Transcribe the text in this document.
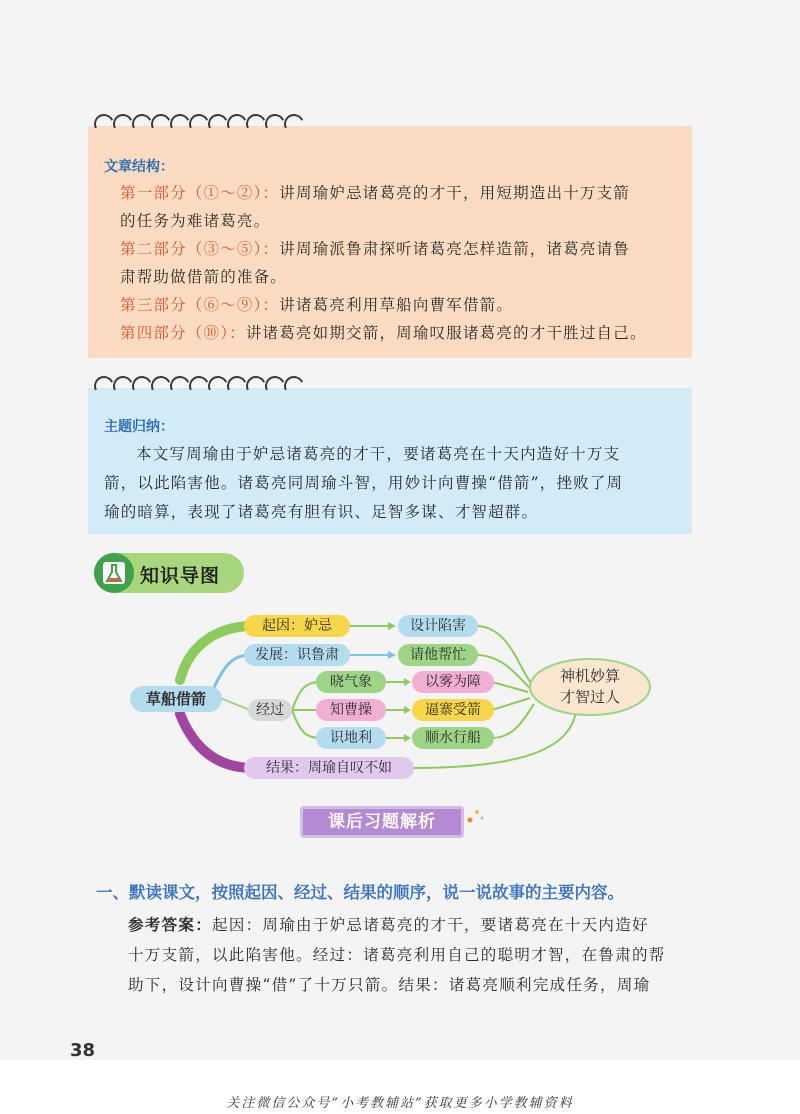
文章结构：
第一部分（①～②）：讲周瑜妒忌诸葛亮的才干，用短期造出十万支箭
的任务为难诸葛亮。
第二部分（③～⑤）：讲周瑜派鲁肃探听诸葛亮怎样造箭，诸葛亮请鲁
肃帮助做借箭的准备。
第三部分（⑥～⑨）：讲诸葛亮利用草船向曹军借箭。
第四部分（⑩）：讲诸葛亮如期交箭，周瑜叹服诸葛亮的才干胜过自己。
主题归纳：
本文写周瑜由于妒忌诸葛亮的才干，要诸葛亮在十天内造好十万支
箭，以此陷害他。诸葛亮同周瑜斗智，用妙计向曹操“借箭”，挫败了周
瑜的暗算，表现了诸葛亮有胆有识、足智多谋、才智超群。
知识导图
草船借箭
起因：妒忌	设计陷害
发展：识鲁肃	请他帮忙
经过
晓气象	以雾为障
知曹操	逼寨受箭
识地利	顺水行船
结果：周瑜自叹不如
神机妙算
才智过人
课后习题解析
一、默读课文，按照起因、经过、结果的顺序，说一说故事的主要内容。
参考答案：起因：周瑜由于妒忌诸葛亮的才干，要诸葛亮在十天内造好
十万支箭，以此陷害他。经过：诸葛亮利用自己的聪明才智，在鲁肃的帮
助下，设计向曹操“借”了十万只箭。结果：诸葛亮顺利完成任务，周瑜
38
关注微信公众号“小考教辅站”获取更多小学教辅资料
